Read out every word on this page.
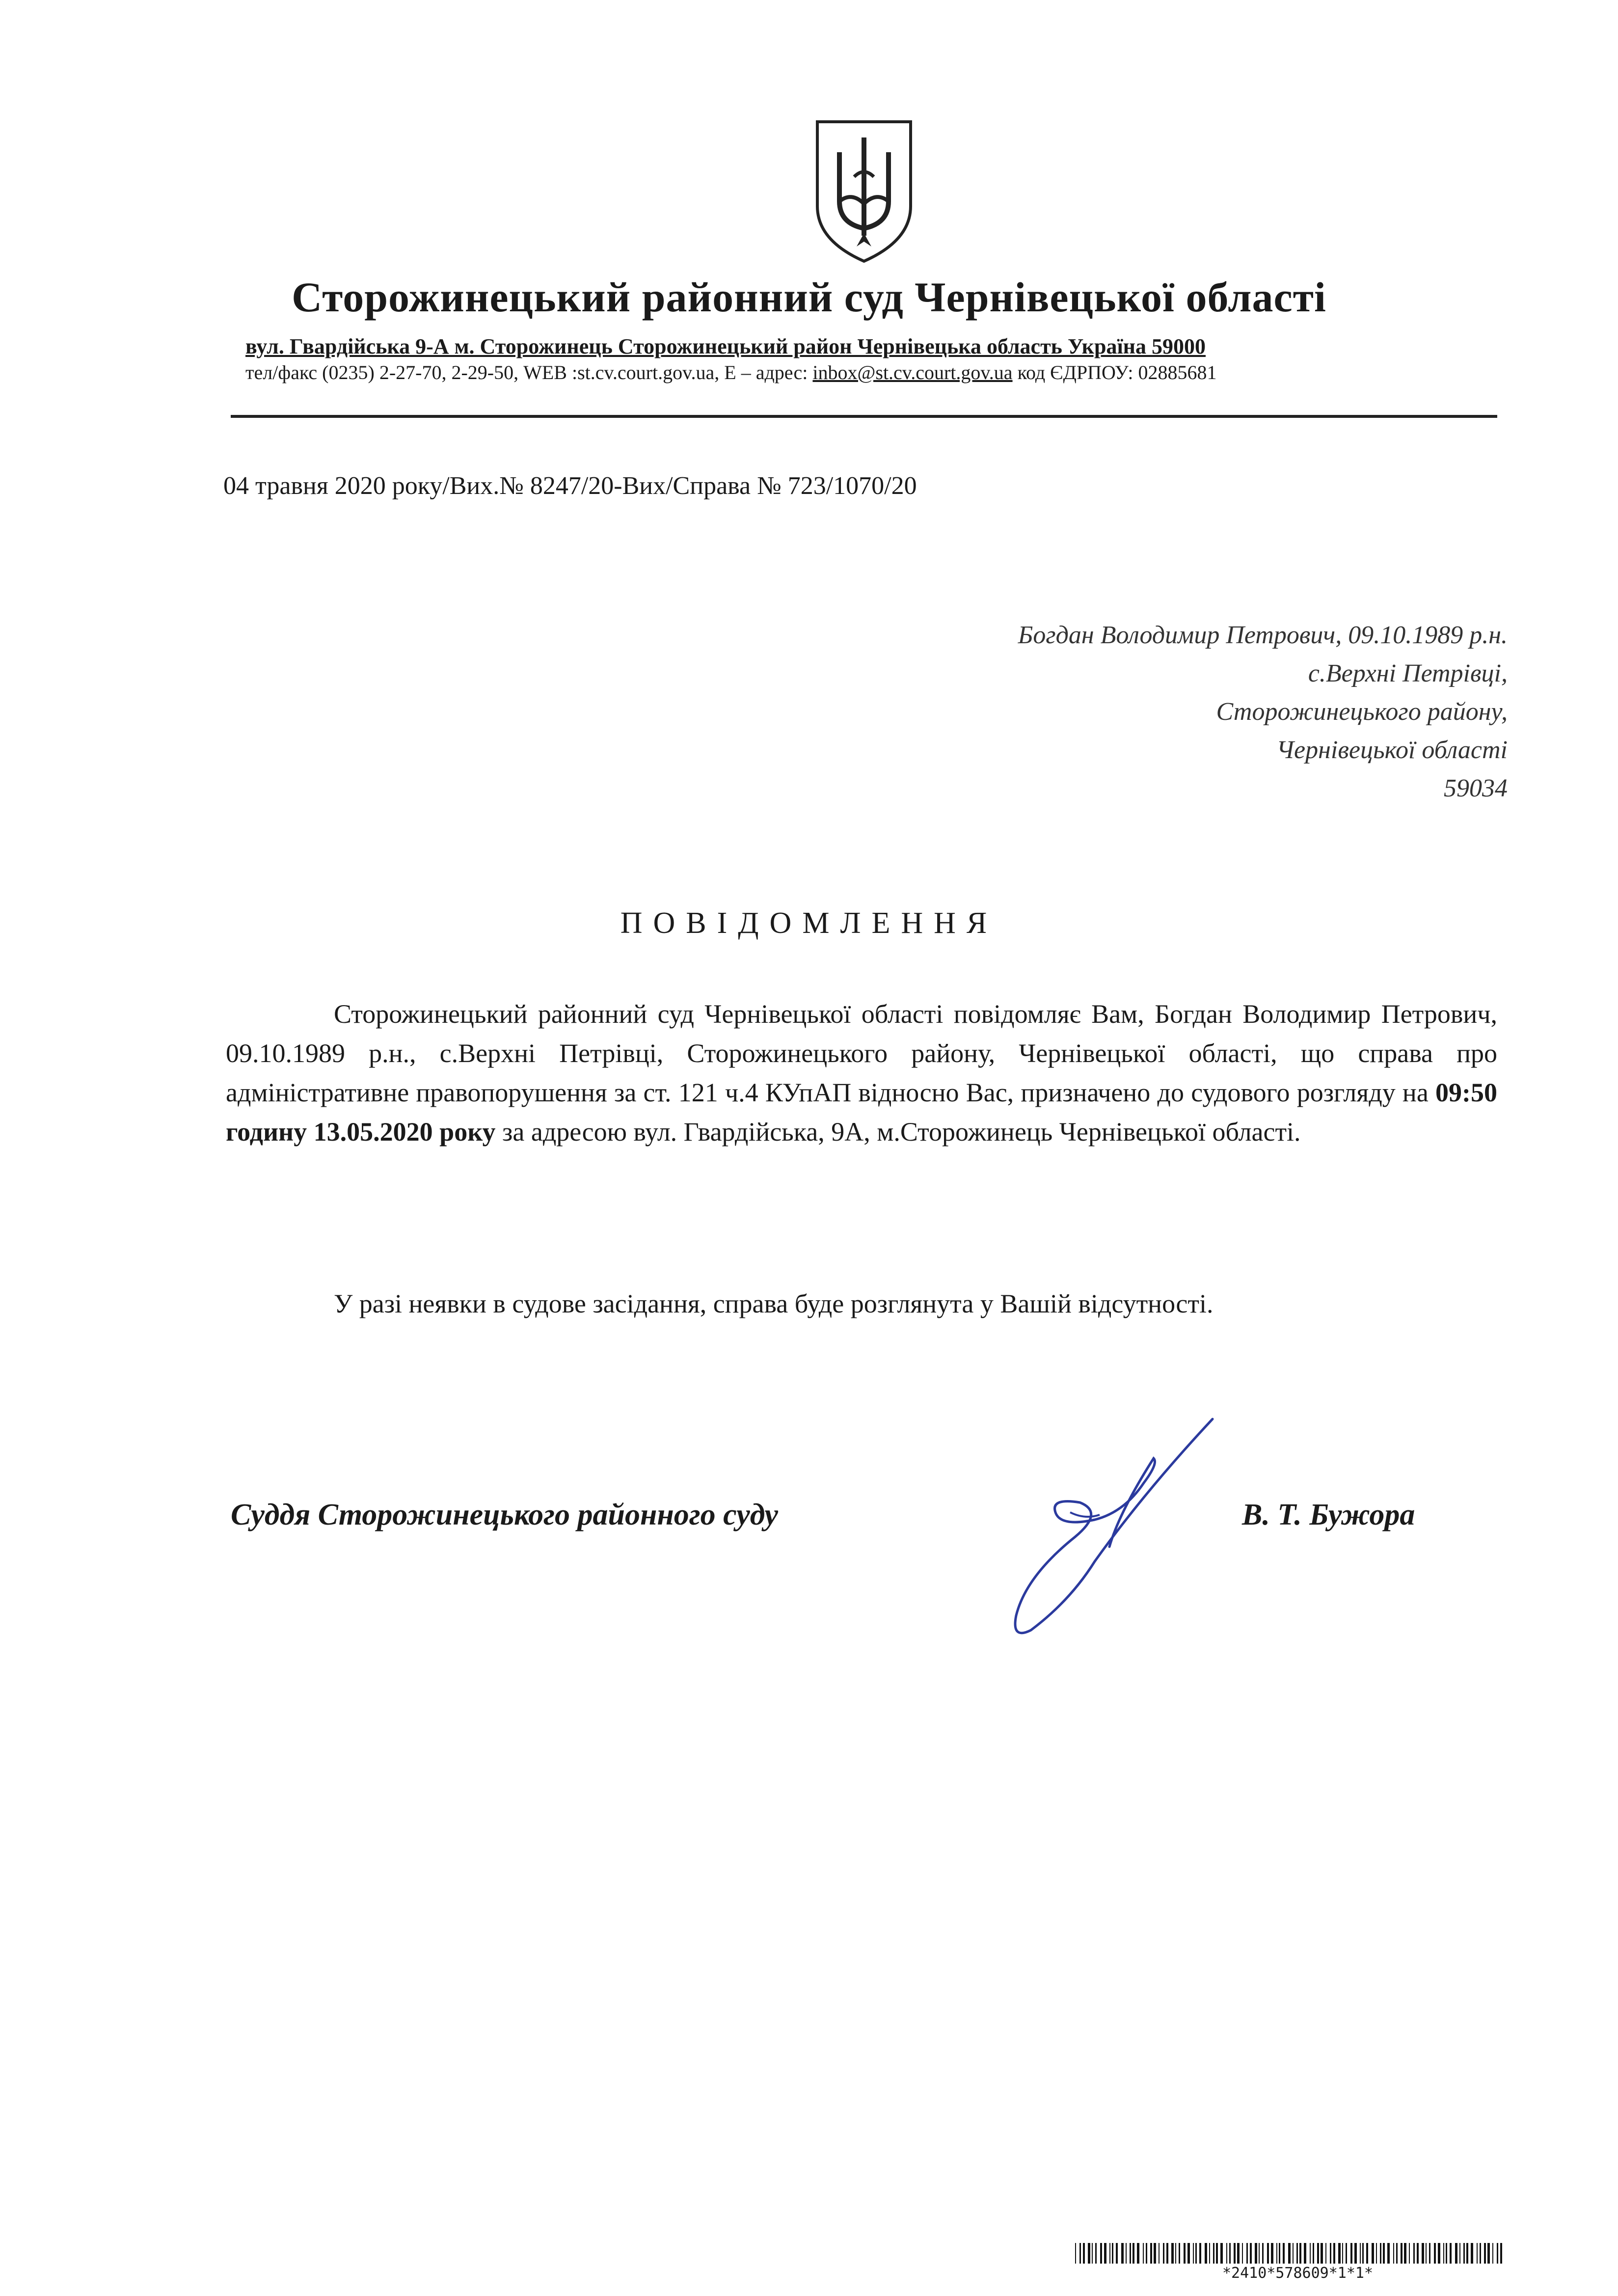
Сторожинецький районний суд Чернівецької області
вул. Гвардійська 9-А м. Сторожинець Сторожинецький район Чернівецька область Україна 59000
тел/факс (0235) 2-27-70, 2-29-50, WEB :st.cv.court.gov.ua, E – адрес: inbox@st.cv.court.gov.ua код ЄДРПОУ: 02885681
04 травня 2020 року/Вих.№ 8247/20-Вих/Справа № 723/1070/20
Богдан Володимир Петрович, 09.10.1989 р.н.
с.Верхні Петрівці,
Сторожинецького району,
Чернівецької області
59034
ПОВІДОМЛЕННЯ
Сторожинецький районний суд Чернівецької області повідомляє Вам, Богдан Володимир Петрович, 09.10.1989 р.н., с.Верхні Петрівці, Сторожинецького району, Чернівецької області, що справа про адміністративне правопорушення за ст. 121 ч.4 КУпАП відносно Вас, призначено до судового розгляду на 09:50 годину 13.05.2020 року за адресою вул. Гвардійська, 9А, м.Сторожинець Чернівецької області.
У разі неявки в судове засідання, справа буде розглянута у Вашій відсутності.
Суддя Сторожинецького районного суду	В. Т. Бужора
*2410*578609*1*1*
